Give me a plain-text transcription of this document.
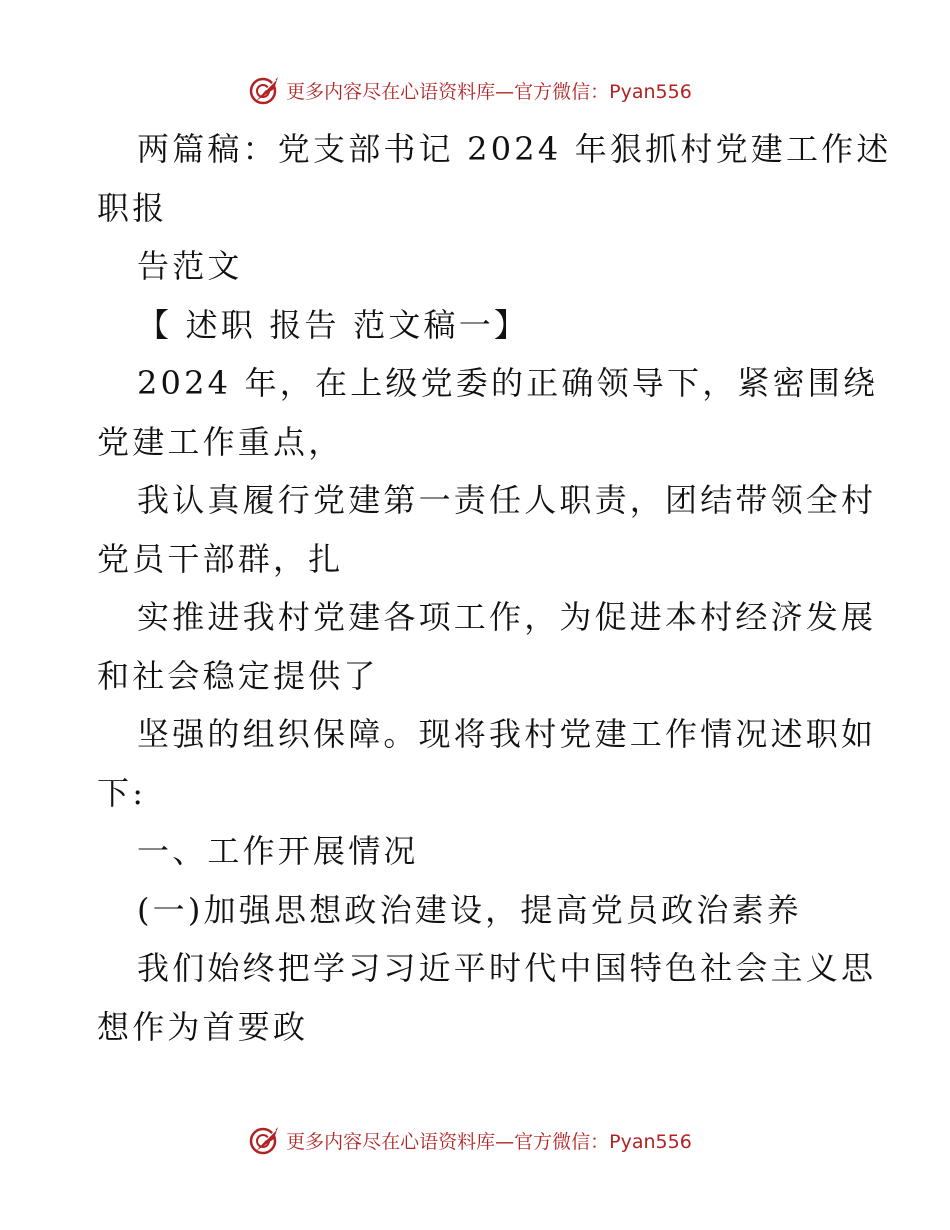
更多内容尽在心语资料库—官方微信：Pyan556

两篇稿：党支部书记 2024 年狠抓村党建工作述

职报

告范文

【 述职 报告 范文稿一】

2024 年，在上级党委的正确领导下，紧密围绕

党建工作重点，

我认真履行党建第一责任人职责，团结带领全村

党员干部群，扎

实推进我村党建各项工作，为促进本村经济发展

和社会稳定提供了

坚强的组织保障。现将我村党建工作情况述职如

下:

一、工作开展情况

(一)加强思想政治建设，提高党员政治素养

我们始终把学习习近平时代中国特色社会主义思

想作为首要政

更多内容尽在心语资料库—官方微信：Pyan556
